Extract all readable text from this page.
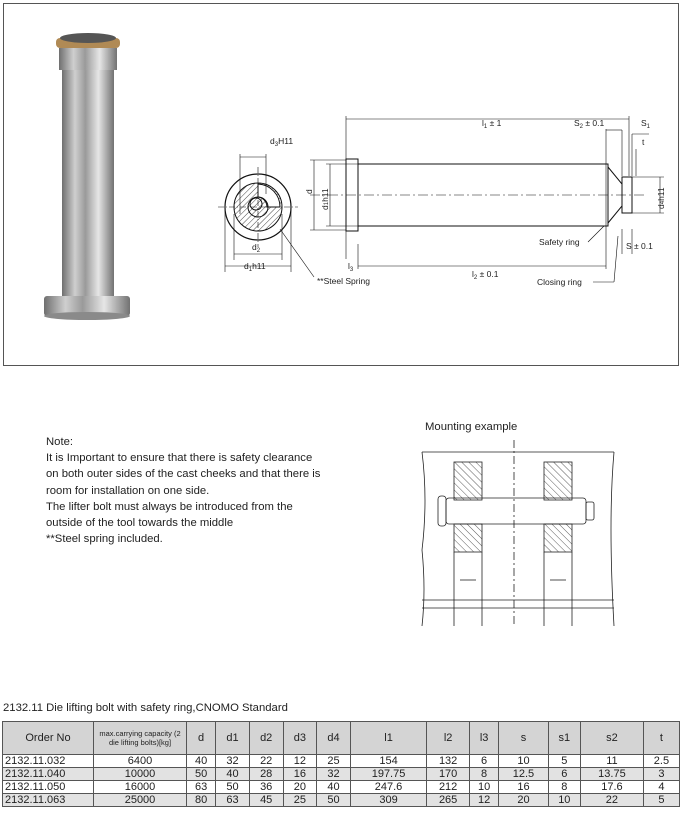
$d_3H11$
$d_2$
$d_1h11$
**Steel Spring
$l_1 \pm 1$	$S_2 \pm 0.1$	$S_1$
t
d
d1h11
d4h11
Safety ring	S ± 0.1
$l_3$	$l_2 \pm 0.1$
Closing ring
Note:
It is Important to ensure that there is safety clearance
on both outer sides of the cast cheeks and that there is
room for installation on one side.
The lifter bolt must always be introduced from the
outside of the tool towards the middle
**Steel spring included.
Mounting example
2132.11 Die lifting bolt with safety ring,CNOMO Standard
Order No	max.carrying capacity (2 die lifting bolts)[kg]	d	d1	d2	d3	d4	l1	l2	l3	s	s1	s2	t
2132.11.032	6400	40	32	22	12	25	154	132	6	10	5	11	2.5
2132.11.040	10000	50	40	28	16	32	197.75	170	8	12.5	6	13.75	3
2132.11.050	16000	63	50	36	20	40	247.6	212	10	16	8	17.6	4
2132.11.063	25000	80	63	45	25	50	309	265	12	20	10	22	5
